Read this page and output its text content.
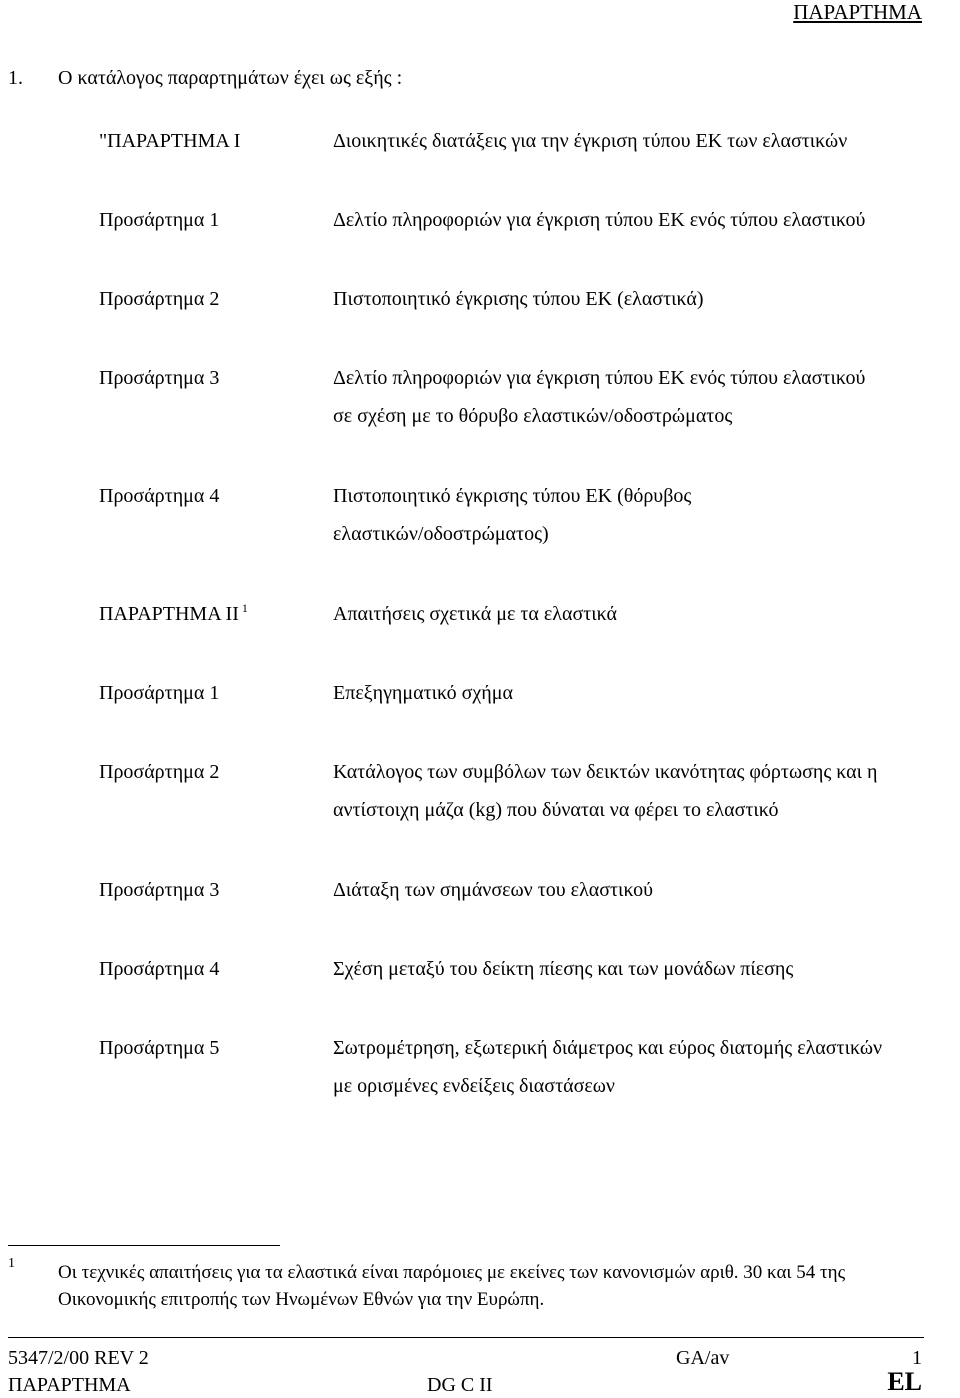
ΠΑΡΑΡΤΗΜΑ
1. Ο κατάλογος παραρτημάτων έχει ως εξής :
"ΠΑΡΑΡΤΗΜΑ Ι	Διοικητικές διατάξεις για την έγκριση τύπου ΕΚ των ελαστικών
Προσάρτημα 1	Δελτίο πληροφοριών για έγκριση τύπου ΕΚ ενός τύπου ελαστικού
Προσάρτημα 2	Πιστοποιητικό έγκρισης τύπου ΕΚ (ελαστικά)
Προσάρτημα 3	Δελτίο πληροφοριών για έγκριση τύπου ΕΚ ενός τύπου ελαστικού
σε σχέση με το θόρυβο ελαστικών/οδοστρώματος
Προσάρτημα 4	Πιστοποιητικό έγκρισης τύπου ΕΚ (θόρυβος
ελαστικών/οδοστρώματος)
ΠΑΡΑΡΤΗΜΑ ΙΙ $^1$	Απαιτήσεις σχετικά με τα ελαστικά
Προσάρτημα 1	Επεξηγηματικό σχήμα
Προσάρτημα 2	Κατάλογος των συμβόλων των δεικτών ικανότητας φόρτωσης και η
αντίστοιχη μάζα (kg) που δύναται να φέρει το ελαστικό
Προσάρτημα 3	Διάταξη των σημάνσεων του ελαστικού
Προσάρτημα 4	Σχέση μεταξύ του δείκτη πίεσης και των μονάδων πίεσης
Προσάρτημα 5	Σωτρομέτρηση, εξωτερική διάμετρος και εύρος διατομής ελαστικών
με ορισμένες ενδείξεις διαστάσεων
1 Οι τεχνικές απαιτήσεις για τα ελαστικά είναι παρόμοιες με εκείνες των κανονισμών αριθ. 30 και 54 της Οικονομικής επιτροπής των Ηνωμένων Εθνών για την Ευρώπη.
5347/2/00 REV 2	GA/av	1
ΠΑΡΑΡΤΗΜΑ	DG C II	EL
